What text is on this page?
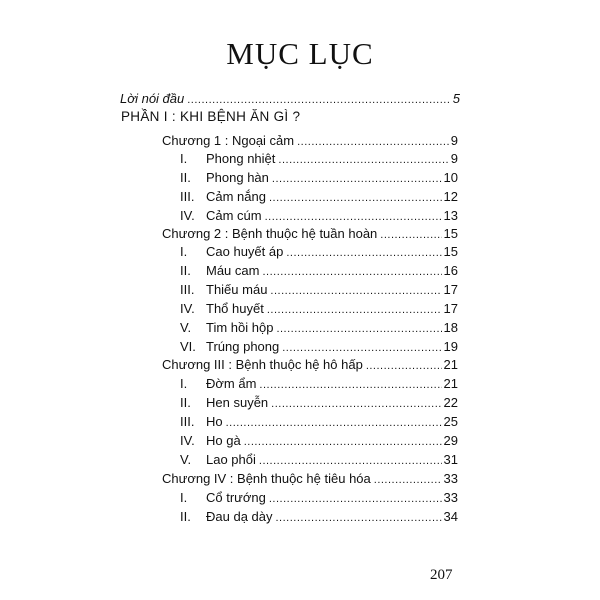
MỤC LỤC
Lời nói đầu .....	5
PHẦN I : KHI BỆNH ĂN GÌ ?
Chương 1 : Ngoại cảm .....	9
I.	Phong nhiệt .....	9
II.	Phong hàn .....	10
III. Cảm nắng .....	12
IV. Cảm cúm .....	13
Chương 2 : Bệnh thuộc hệ tuần hoàn .....	15
I.	Cao huyết áp .....	15
II.	Máu cam .....	16
III. Thiếu máu .....	17
IV. Thổ huyết .....	17
V.	Tim hồi hộp .....	18
VI. Trúng phong .....	19
Chương III : Bệnh thuộc hệ hô hấp .....	21
I.	Đờm ẩm .....	21
II.	Hen suyễn .....	22
III. Ho .....	25
IV. Ho gà .....	29
V.	Lao phổi .....	31
Chương IV : Bệnh thuộc hệ tiêu hóa .....	33
I.	Cổ trướng .....	33
II.	Đau dạ dày .....	34
207
